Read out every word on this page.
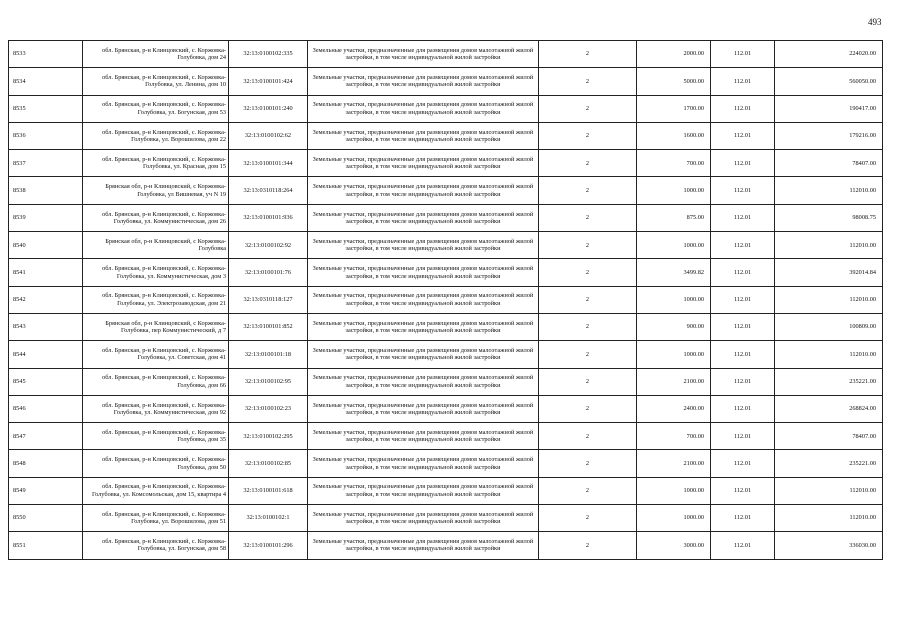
493
8533	обл. Брянская, р-н Клинцовский, с. Коржовка-Голубовка, дом 24	32:13:0100102:335	Земельные участки, предназначенные для размещения домов малоэтажной жилой застройки, в том числе индивидуальной жилой застройки	2	2000.00	112.01	224020.00
8534	обл. Брянская, р-н Клинцовский, с. Коржовка-Голубовка, ул. Ленина, дом 10	32:13:0100101:424	Земельные участки, предназначенные для размещения домов малоэтажной жилой застройки, в том числе индивидуальной жилой застройки	2	5000.00	112.01	560050.00
8535	обл. Брянская, р-н Клинцовский, с. Коржовка-Голубовка, ул. Богунская, дом 53	32:13:0100101:240	Земельные участки, предназначенные для размещения домов малоэтажной жилой застройки, в том числе индивидуальной жилой застройки	2	1700.00	112.01	190417.00
8536	обл. Брянская, р-н Клинцовский, с. Коржовка-Голубовка, ул. Ворошилова, дом 22	32:13:0100102:62	Земельные участки, предназначенные для размещения домов малоэтажной жилой застройки, в том числе индивидуальной жилой застройки	2	1600.00	112.01	179216.00
8537	обл. Брянская, р-н Клинцовский, с. Коржовка-Голубовка, ул. Красная, дом 15	32:13:0100101:344	Земельные участки, предназначенные для размещения домов малоэтажной жилой застройки, в том числе индивидуальной жилой застройки	2	700.00	112.01	78407.00
8538	Брянская обл, р-н Клинцовский, с Коржовка-Голубовка, ул Вишневая, уч N 19	32:13:0310118:264	Земельные участки, предназначенные для размещения домов малоэтажной жилой застройки, в том числе индивидуальной жилой застройки	2	1000.00	112.01	112010.00
8539	обл. Брянская, р-н Клинцовский, с. Коржовка-Голубовка, ул. Коммунистическая, дом 26	32:13:0100101:936	Земельные участки, предназначенные для размещения домов малоэтажной жилой застройки, в том числе индивидуальной жилой застройки	2	875.00	112.01	98008.75
8540	Брянская обл, р-н Клинцовский, с Коржовка-Голубовка	32:13:0100102:92	Земельные участки, предназначенные для размещения домов малоэтажной жилой застройки, в том числе индивидуальной жилой застройки	2	1000.00	112.01	112010.00
8541	обл. Брянская, р-н Клинцовский, с. Коржовка-Голубовка, ул. Коммунистическая, дом 3	32:13:0100101:76	Земельные участки, предназначенные для размещения домов малоэтажной жилой застройки, в том числе индивидуальной жилой застройки	2	3499.82	112.01	392014.84
8542	обл. Брянская, р-н Клинцовский, с. Коржовка-Голубовка, ул. Электрозаводская, дом 21	32:13:0310118:127	Земельные участки, предназначенные для размещения домов малоэтажной жилой застройки, в том числе индивидуальной жилой застройки	2	1000.00	112.01	112010.00
8543	Брянская обл, р-н Клинцовский, с Коржовка-Голубовка, пер Коммунистический, д 7	32:13:0100101:852	Земельные участки, предназначенные для размещения домов малоэтажной жилой застройки, в том числе индивидуальной жилой застройки	2	900.00	112.01	100809.00
8544	обл. Брянская, р-н Клинцовский, с. Коржовка-Голубовка, ул. Советская, дом 41	32:13:0100101:18	Земельные участки, предназначенные для размещения домов малоэтажной жилой застройки, в том числе индивидуальной жилой застройки	2	1000.00	112.01	112010.00
8545	обл. Брянская, р-н Клинцовский, с. Коржовка-Голубовка, дом 66	32:13:0100102:95	Земельные участки, предназначенные для размещения домов малоэтажной жилой застройки, в том числе индивидуальной жилой застройки	2	2100.00	112.01	235221.00
8546	обл. Брянская, р-н Клинцовский, с. Коржовка-Голубовка, ул. Коммунистическая, дом 92	32:13:0100102:23	Земельные участки, предназначенные для размещения домов малоэтажной жилой застройки, в том числе индивидуальной жилой застройки	2	2400.00	112.01	268824.00
8547	обл. Брянская, р-н Клинцовский, с. Коржовка-Голубовка, дом 35	32:13:0100102:295	Земельные участки, предназначенные для размещения домов малоэтажной жилой застройки, в том числе индивидуальной жилой застройки	2	700.00	112.01	78407.00
8548	обл. Брянская, р-н Клинцовский, с. Коржовка-Голубовка, дом 50	32:13:0100102:85	Земельные участки, предназначенные для размещения домов малоэтажной жилой застройки, в том числе индивидуальной жилой застройки	2	2100.00	112.01	235221.00
8549	обл. Брянская, р-н Клинцовский, с. Коржовка-Голубовка, ул. Комсомольская, дом 15, квартира 4	32:13:0100101:618	Земельные участки, предназначенные для размещения домов малоэтажной жилой застройки, в том числе индивидуальной жилой застройки	2	1000.00	112.01	112010.00
8550	обл. Брянская, р-н Клинцовский, с. Коржовка-Голубовка, ул. Ворошилова, дом 51	32:13:0100102:1	Земельные участки, предназначенные для размещения домов малоэтажной жилой застройки, в том числе индивидуальной жилой застройки	2	1000.00	112.01	112010.00
8551	обл. Брянская, р-н Клинцовский, с. Коржовка-Голубовка, ул. Богунская, дом 58	32:13:0100101:296	Земельные участки, предназначенные для размещения домов малоэтажной жилой застройки, в том числе индивидуальной жилой застройки	2	3000.00	112.01	336030.00
